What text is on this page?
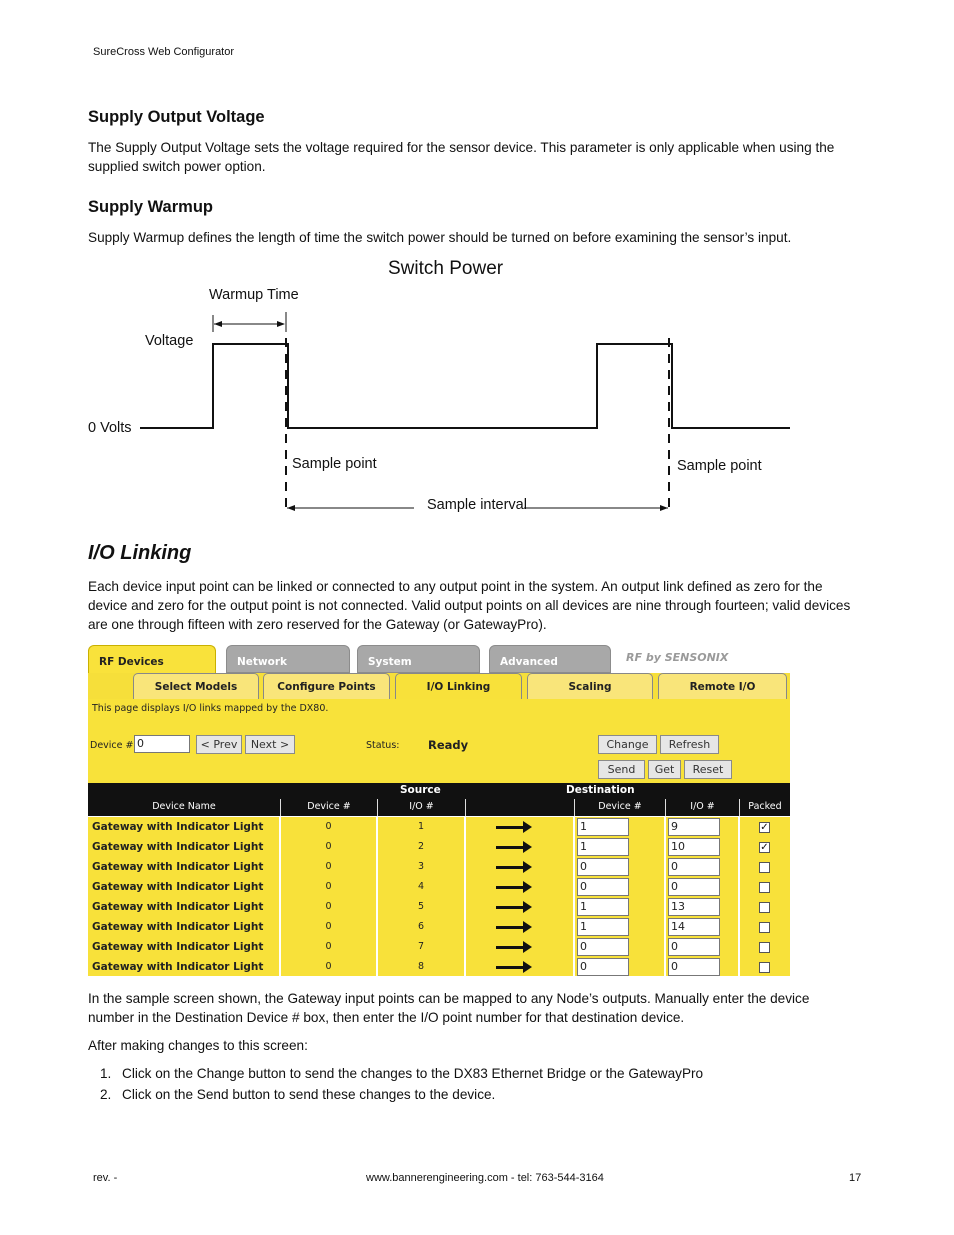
SureCross Web Configurator
Supply Output Voltage
The Supply Output Voltage sets the voltage required for the sensor device. This parameter is only applicable when using the supplied switch power option.
Supply Warmup
Supply Warmup defines the length of time the switch power should be turned on before examining the sensor’s input.
Switch Power
Warmup Time
Voltage
0 Volts
Sample point	Sample point
Sample interval
I/O Linking
Each device input point can be linked or connected to any output point in the system. An output link defined as zero for the device and zero for the output point is not connected. Valid output points on all devices are nine through fourteen; valid devices are one through fifteen with zero reserved for the Gateway (or GatewayPro).
RF Devices	Network	System	Advanced	RF by SENSONIX
Select Models	Configure Points	I/O Linking	Scaling	Remote I/O
This page displays I/O links mapped by the DX80.
Device # 0	< Prev	Next >	Status: Ready	Change	Refresh
Send	Get	Reset
Source	Destination
Device Name	Device #	I/O #	Device #	I/O #	Packed
Gateway with Indicator Light	0	1	1	9	✓
Gateway with Indicator Light	0	2	1	10	✓
Gateway with Indicator Light	0	3	0	0
Gateway with Indicator Light	0	4	0	0
Gateway with Indicator Light	0	5	1	13
Gateway with Indicator Light	0	6	1	14
Gateway with Indicator Light	0	7	0	0
Gateway with Indicator Light	0	8	0	0
In the sample screen shown, the Gateway input points can be mapped to any Node’s outputs. Manually enter the device number in the Destination Device # box, then enter the I/O point number for that destination device.
After making changes to this screen:
1. Click on the Change button to send the changes to the DX83 Ethernet Bridge or the GatewayPro
2. Click on the Send button to send these changes to the device.
rev. -	www.bannerengineering.com - tel: 763-544-3164	17
